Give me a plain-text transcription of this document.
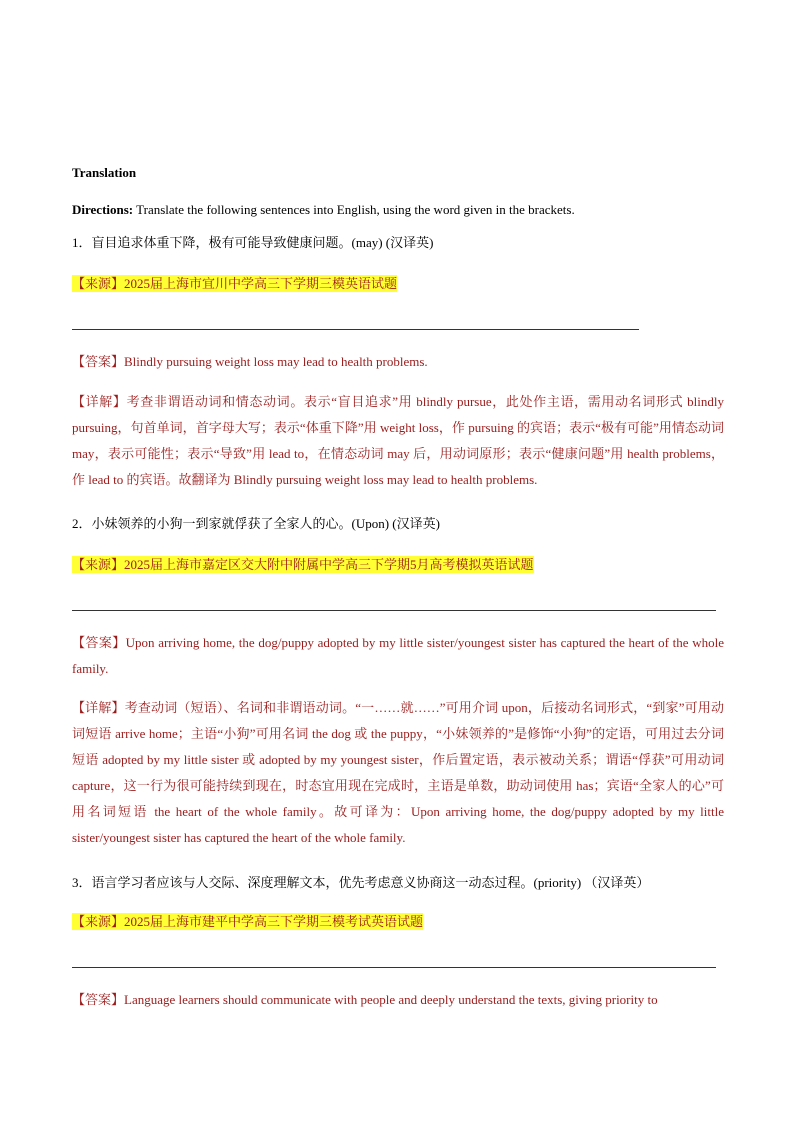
Translation
Directions: Translate the following sentences into English, using the word given in the brackets.
1．盲目追求体重下降，极有可能导致健康问题。(may) (汉译英)
【来源】2025届上海市宜川中学高三下学期三模英语试题
【答案】Blindly pursuing weight loss may lead to health problems.
【详解】考查非谓语动词和情态动词。表示“盲目追求”用 blindly pursue，此处作主语，需用动名词形式 blindly pursuing，句首单词，首字母大写；表示“体重下降”用 weight loss，作 pursuing 的宾语；表示“极有可能”用情态动词 may，表示可能性；表示“导致”用 lead to，在情态动词 may 后，用动词原形；表示“健康问题”用 health problems，作 lead to 的宾语。故翻译为 Blindly pursuing weight loss may lead to health problems.
2．小妹领养的小狗一到家就俘获了全家人的心。(Upon) (汉译英)
【来源】2025届上海市嘉定区交大附中附属中学高三下学期5月高考模拟英语试题
【答案】Upon arriving home, the dog/puppy adopted by my little sister/youngest sister has captured the heart of the whole family.
【详解】考查动词（短语）、名词和非谓语动词。“一……就……”可用介词 upon，后接动名词形式，“到家”可用动词短语 arrive home；主语“小狗”可用名词 the dog 或 the puppy，“小妹领养的”是修饰“小狗”的定语，可用过去分词短语 adopted by my little sister 或 adopted by my youngest sister，作后置定语，表示被动关系；谓语“俘获”可用动词 capture，这一行为很可能持续到现在，时态宜用现在完成时，主语是单数，助动词使用 has；宾语“全家人的心”可用名词短语 the heart of the whole family。故可译为：Upon arriving home, the dog/puppy adopted by my little sister/youngest sister has captured the heart of the whole family.
3．语言学习者应该与人交际、深度理解文本，优先考虑意义协商这一动态过程。(priority) （汉译英）
【来源】2025届上海市建平中学高三下学期三模考试英语试题
【答案】Language learners should communicate with people and deeply understand the texts, giving priority to
